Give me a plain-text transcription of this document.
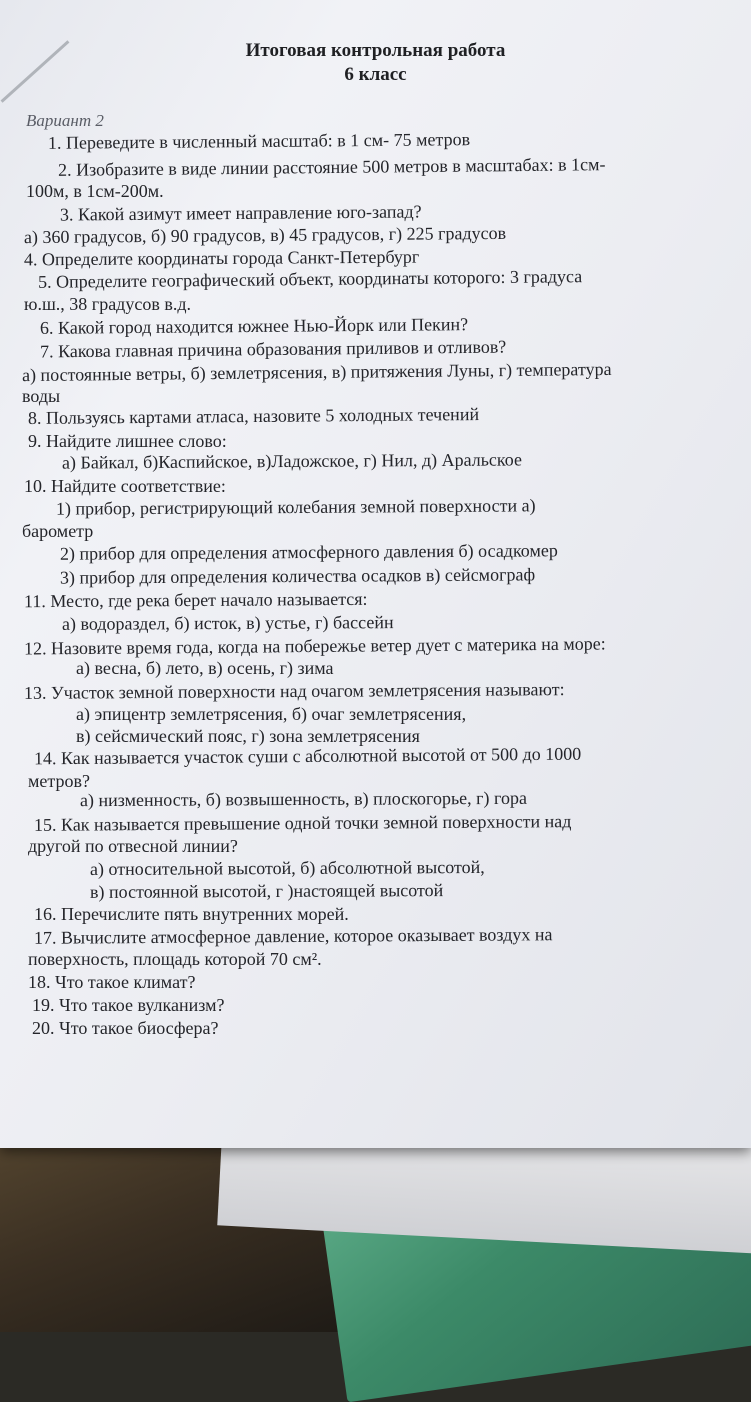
Итоговая контрольная работа
6 класс
Вариант 2
1. Переведите в численный масштаб: в 1 см- 75 метров
2. Изобразите в виде линии расстояние 500 метров в масштабах: в 1см-
100м, в 1см-200м.
3. Какой азимут имеет направление юго-запад?
а) 360 градусов, б) 90 градусов, в) 45 градусов, г) 225 градусов
4. Определите координаты города Санкт-Петербург
5. Определите географический объект, координаты которого: 3 градуса
ю.ш., 38 градусов в.д.
6. Какой город находится южнее Нью-Йорк или Пекин?
7. Какова главная причина образования приливов и отливов?
а) постоянные ветры, б) землетрясения, в) притяжения Луны, г) температура
воды
8. Пользуясь картами атласа, назовите 5 холодных течений
9. Найдите лишнее слово:
а) Байкал, б)Каспийское, в)Ладожское, г) Нил, д) Аральское
10. Найдите соответствие:
1) прибор, регистрирующий колебания земной поверхности а)
барометр
2) прибор для определения атмосферного давления б) осадкомер
3) прибор для определения количества осадков в) сейсмограф
11. Место, где река берет начало называется:
а) водораздел, б) исток, в) устье, г) бассейн
12. Назовите время года, когда на побережье ветер дует с материка на море:
а) весна, б) лето, в) осень, г) зима
13. Участок земной поверхности над очагом землетрясения называют:
а) эпицентр землетрясения, б) очаг землетрясения,
в) сейсмический пояс, г) зона землетрясения
14. Как называется участок суши с абсолютной высотой от 500 до 1000
метров?
а) низменность, б) возвышенность, в) плоскогорье, г) гора
15. Как называется превышение одной точки земной поверхности над
другой по отвесной линии?
а) относительной высотой, б) абсолютной высотой,
в) постоянной высотой, г )настоящей высотой
16. Перечислите пять внутренних морей.
17. Вычислите атмосферное давление, которое оказывает воздух на
поверхность, площадь которой 70 см².
18. Что такое климат?
19. Что такое вулканизм?
20. Что такое биосфера?
